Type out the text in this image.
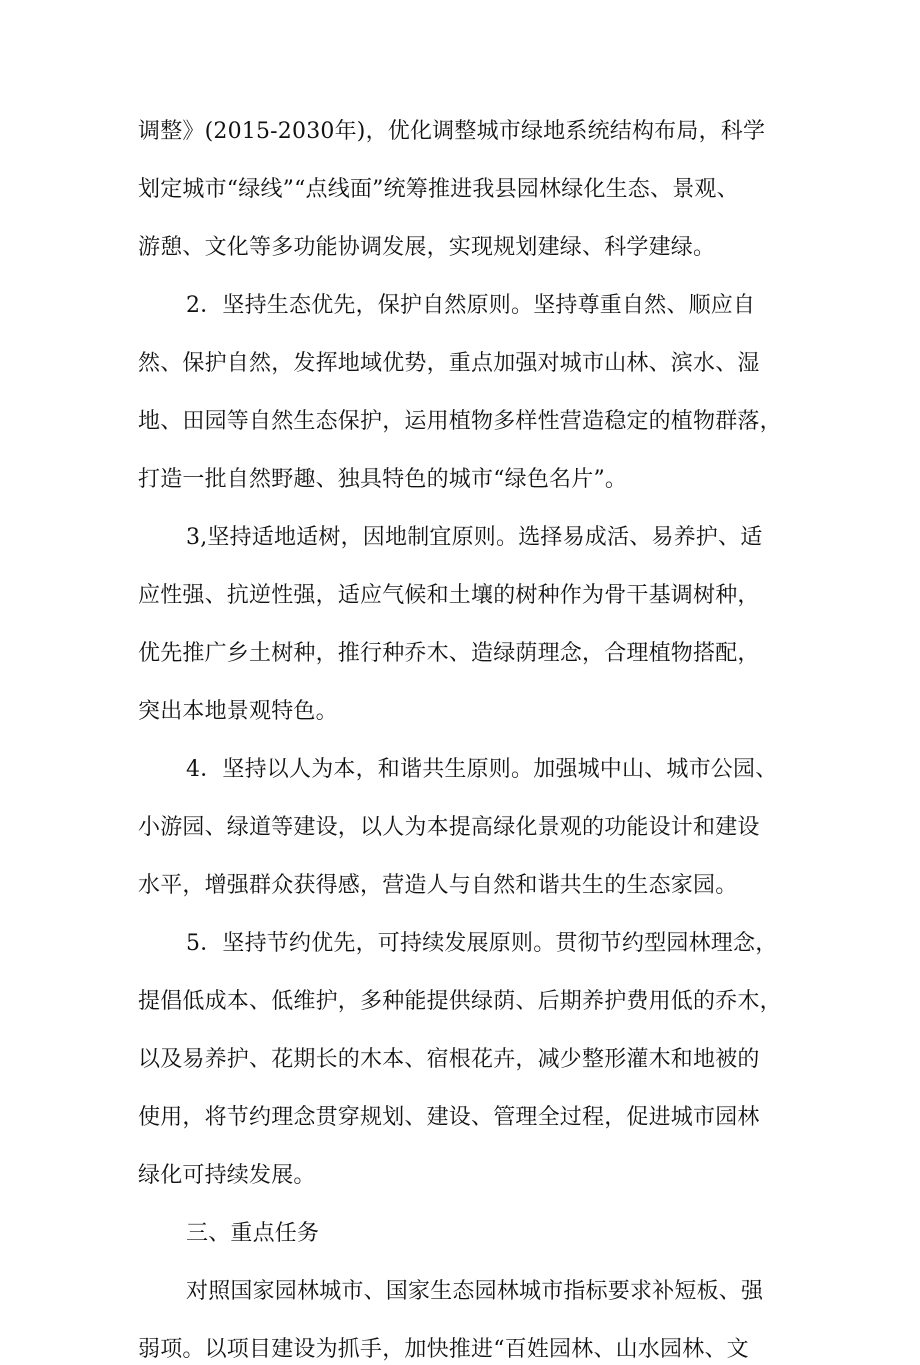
调整》(2015-2030年)，优化调整城市绿地系统结构布局，科学
划定城市“绿线”“点线面”统筹推进我县园林绿化生态、景观、
游憩、文化等多功能协调发展，实现规划建绿、科学建绿。
2．坚持生态优先，保护自然原则。坚持尊重自然、顺应自
然、保护自然，发挥地域优势，重点加强对城市山林、滨水、湿
地、田园等自然生态保护，运用植物多样性营造稳定的植物群落，
打造一批自然野趣、独具特色的城市“绿色名片”。
3,坚持适地适树，因地制宜原则。选择易成活、易养护、适
应性强、抗逆性强，适应气候和土壤的树种作为骨干基调树种，
优先推广乡土树种，推行种乔木、造绿荫理念，合理植物搭配，
突出本地景观特色。
4．坚持以人为本，和谐共生原则。加强城中山、城市公园、
小游园、绿道等建设，以人为本提高绿化景观的功能设计和建设
水平，增强群众获得感，营造人与自然和谐共生的生态家园。
5．坚持节约优先，可持续发展原则。贯彻节约型园林理念，
提倡低成本、低维护，多种能提供绿荫、后期养护费用低的乔木，
以及易养护、花期长的木本、宿根花卉，减少整形灌木和地被的
使用，将节约理念贯穿规划、建设、管理全过程，促进城市园林
绿化可持续发展。
三、重点任务
对照国家园林城市、国家生态园林城市指标要求补短板、强
弱项。以项目建设为抓手，加快推进“百姓园林、山水园林、文
